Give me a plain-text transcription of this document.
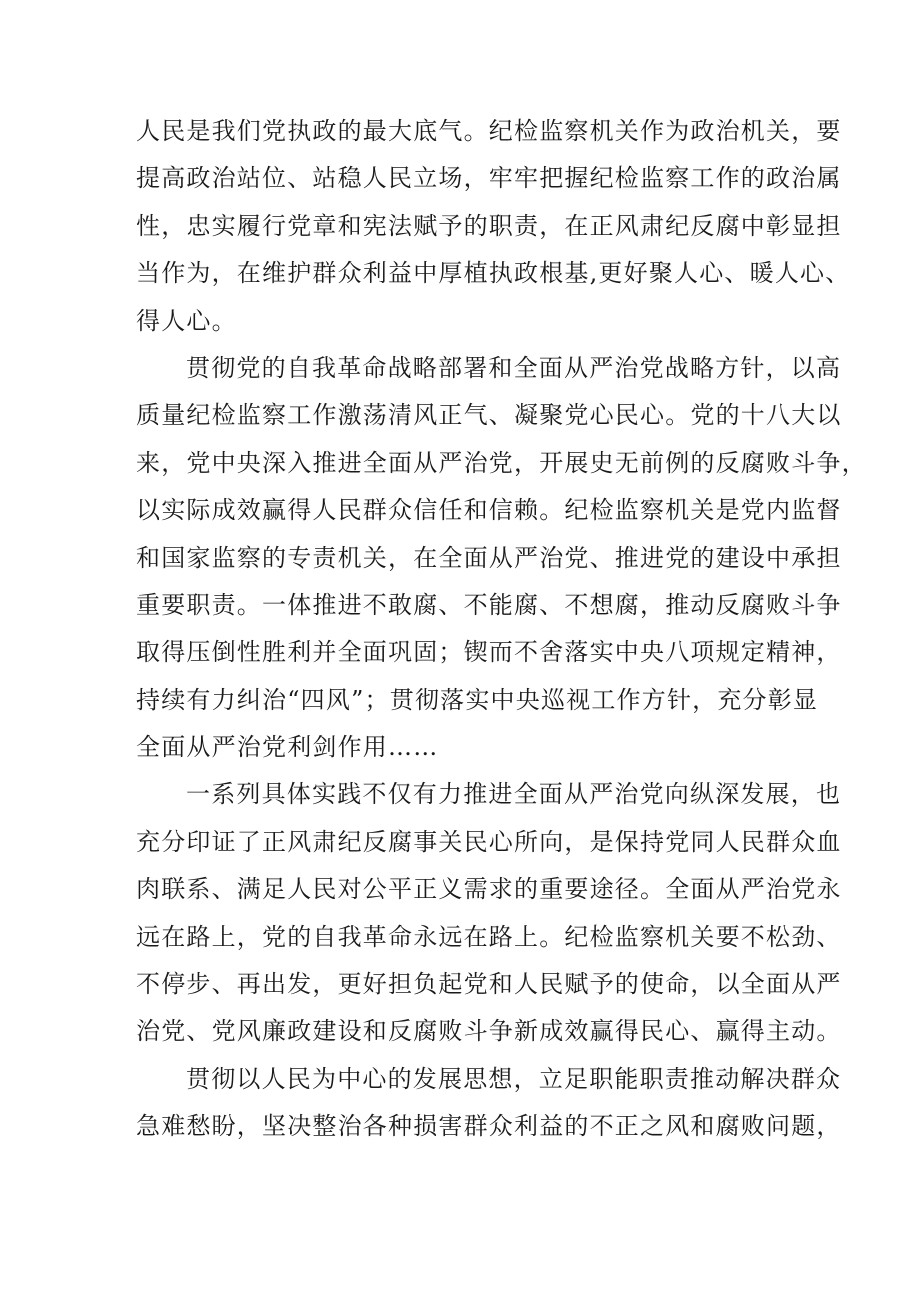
人民是我们党执政的最大底气。纪检监察机关作为政治机关，要
提高政治站位、站稳人民立场，牢牢把握纪检监察工作的政治属
性，忠实履行党章和宪法赋予的职责，在正风肃纪反腐中彰显担
当作为，在维护群众利益中厚植执政根基,更好聚人心、暖人心、
得人心。
贯彻党的自我革命战略部署和全面从严治党战略方针，以高
质量纪检监察工作激荡清风正气、凝聚党心民心。党的十八大以
来，党中央深入推进全面从严治党，开展史无前例的反腐败斗争，
以实际成效赢得人民群众信任和信赖。纪检监察机关是党内监督
和国家监察的专责机关，在全面从严治党、推进党的建设中承担
重要职责。一体推进不敢腐、不能腐、不想腐，推动反腐败斗争
取得压倒性胜利并全面巩固；锲而不舍落实中央八项规定精神，
持续有力纠治“四风”；贯彻落实中央巡视工作方针，充分彰显
全面从严治党利剑作用……
一系列具体实践不仅有力推进全面从严治党向纵深发展，也
充分印证了正风肃纪反腐事关民心所向，是保持党同人民群众血
肉联系、满足人民对公平正义需求的重要途径。全面从严治党永
远在路上，党的自我革命永远在路上。纪检监察机关要不松劲、
不停步、再出发，更好担负起党和人民赋予的使命，以全面从严
治党、党风廉政建设和反腐败斗争新成效赢得民心、赢得主动。
贯彻以人民为中心的发展思想，立足职能职责推动解决群众
急难愁盼，坚决整治各种损害群众利益的不正之风和腐败问题，
